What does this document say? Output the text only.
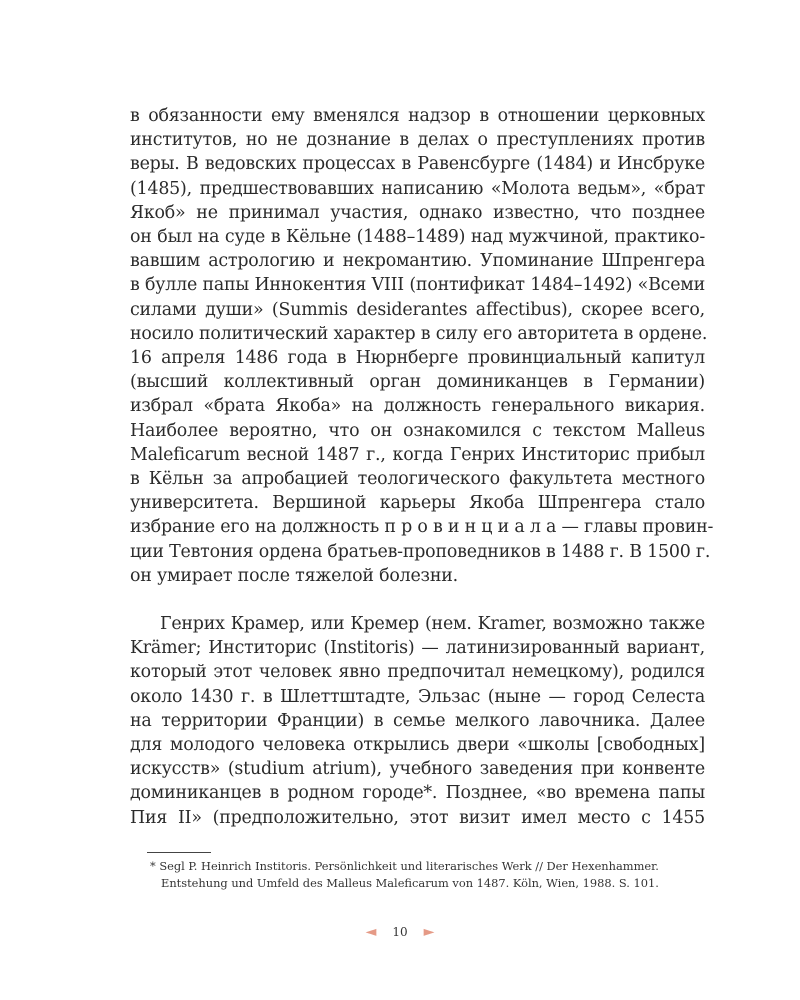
в обязанности ему вменялся надзор в отношении церковных
институтов, но не дознание в делах о преступлениях против
веры. В ведовских процессах в Равенсбурге (1484) и Инсбруке
(1485), предшествовавших написанию «Молота ведьм», «брат
Якоб» не принимал участия, однако известно, что позднее
он был на суде в Кёльне (1488–1489) над мужчиной, практико-
вавшим астрологию и некромантию. Упоминание Шпренгера
в булле папы Иннокентия VIII (понтификат 1484–1492) «Всеми
силами души» (Summis desiderantes affectibus), скорее всего,
носило политический характер в силу его авторитета в ордене.
16 апреля 1486 года в Нюрнберге провинциальный капитул
(высший коллективный орган доминиканцев в Германии)
избрал «брата Якоба» на должность генерального викария.
Наиболее вероятно, что он ознакомился с текстом Malleus
Maleficarum весной 1487 г., когда Генрих Инститорис прибыл
в Кёльн за апробацией теологического факультета местного
университета. Вершиной карьеры Якоба Шпренгера стало
избрание его на должность п р о в и н ц и а л а — главы провин-
ции Тевтония ордена братьев-проповедников в 1488 г. В 1500 г.
он умирает после тяжелой болезни.
Генрих Крамер, или Кремер (нем. Kramer, возможно также
Krämer; Инститорис (Institoris) — латинизированный вариант,
который этот человек явно предпочитал немецкому), родился
около 1430 г. в Шлеттштадте, Эльзас (ныне — город Селеста
на территории Франции) в семье мелкого лавочника. Далее
для молодого человека открылись двери «школы [свободных]
искусств» (studium atrium), учебного заведения при конвенте
доминиканцев в родном городе*. Позднее, «во времена папы
Пия II» (предположительно, этот визит имел место с 1455
* Segl P. Heinrich Institoris. Persönlichkeit und literarisches Werk // Der Hexenhammer.
Entstehung und Umfeld des Malleus Maleficarum von 1487. Köln, Wien, 1988. S. 101.
◄ 10 ►
